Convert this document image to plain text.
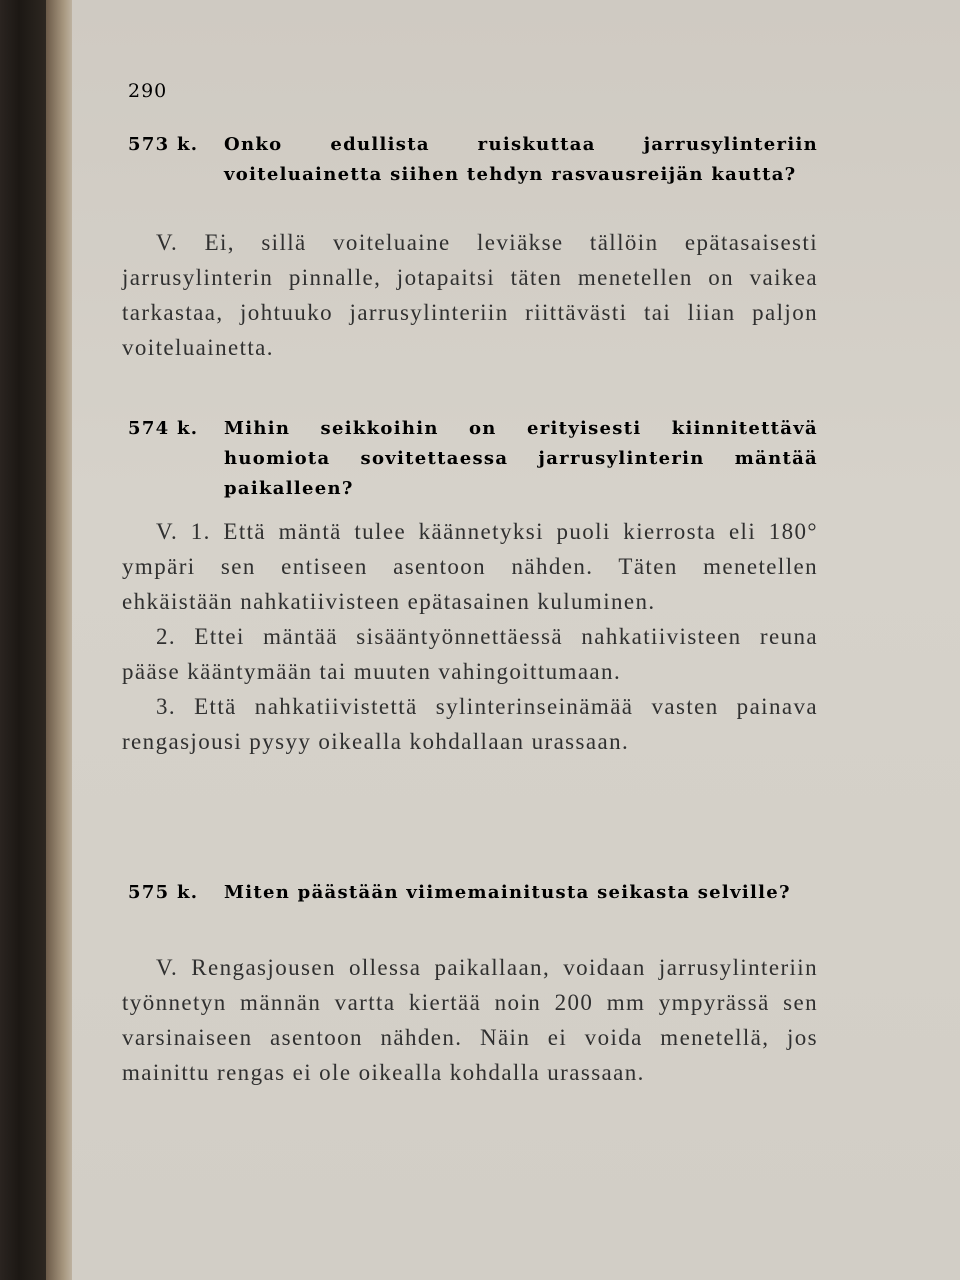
290
573 k.	Onko edullista ruiskuttaa jarrusylinteriin voiteluainetta siihen tehdyn rasvausreijän kautta?

V. Ei, sillä voiteluaine leviäkse tällöin epätasaisesti jarrusylinterin pinnalle, jotapaitsi täten menetellen on vaikea tarkastaa, johtuuko jarrusylinteriin riittävästi tai liian paljon voiteluainetta.

574 k.	Mihin seikkoihin on erityisesti kiinnitettävä huomiota sovitettaessa jarrusylinterin mäntää paikalleen?

V. 1. Että mäntä tulee käännetyksi puoli kierrosta eli 180° ympäri sen entiseen asentoon nähden. Täten menetellen ehkäistään nahkatiivisteen epätasainen kuluminen.

2. Ettei mäntää sisääntyönnettäessä nahkatiivisteen reuna pääse kääntymään tai muuten vahingoittumaan.

3. Että nahkatiivistettä sylinterinseinämää vasten painava rengasjousi pysyy oikealla kohdallaan urassaan.

575 k.	Miten päästään viimemainitusta seikasta selville?

V. Rengasjousen ollessa paikallaan, voidaan jarrusylinteriin työnnetyn männän vartta kiertää noin 200 mm ympyrässä sen varsinaiseen asentoon nähden. Näin ei voida menetellä, jos mainittu rengas ei ole oikealla kohdalla urassaan.
